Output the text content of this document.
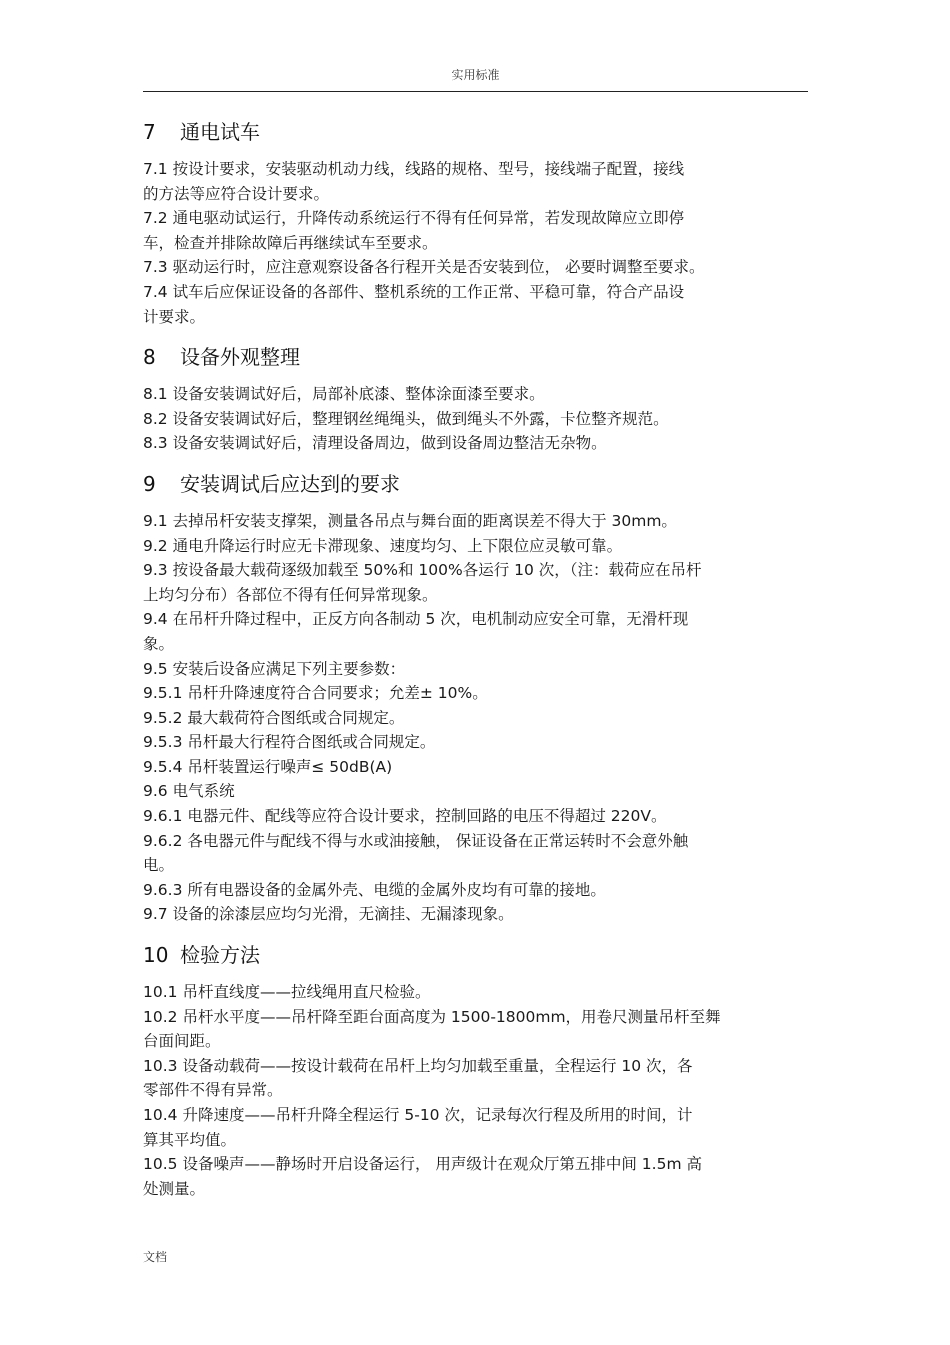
实用标准
7 通电试车

7.1 按设计要求，安装驱动机动力线，线路的规格、型号，接线端子配置，接线

的方法等应符合设计要求。

7.2 通电驱动试运行，升降传动系统运行不得有任何异常，若发现故障应立即停

车，检查并排除故障后再继续试车至要求。

7.3 驱动运行时，应注意观察设备各行程开关是否安装到位， 必要时调整至要求。

7.4 试车后应保证设备的各部件、整机系统的工作正常、平稳可靠，符合产品设

计要求。

8 设备外观整理

8.1 设备安装调试好后，局部补底漆、整体涂面漆至要求。

8.2 设备安装调试好后，整理钢丝绳绳头，做到绳头不外露，卡位整齐规范。

8.3 设备安装调试好后，清理设备周边，做到设备周边整洁无杂物。

9 安装调试后应达到的要求

9.1 去掉吊杆安装支撑架，测量各吊点与舞台面的距离误差不得大于 30mm。

9.2 通电升降运行时应无卡滞现象、速度均匀、上下限位应灵敏可靠。

9.3 按设备最大载荷逐级加载至 50%和 100%各运行 10 次，（注：载荷应在吊杆

上均匀分布）各部位不得有任何异常现象。

9.4 在吊杆升降过程中，正反方向各制动 5 次，电机制动应安全可靠，无滑杆现

象。

9.5 安装后设备应满足下列主要参数：

9.5.1 吊杆升降速度符合合同要求；允差± 10%。

9.5.2 最大载荷符合图纸或合同规定。

9.5.3 吊杆最大行程符合图纸或合同规定。

9.5.4 吊杆装置运行噪声≤ 50dB(A)

9.6 电气系统

9.6.1 电器元件、配线等应符合设计要求，控制回路的电压不得超过 220V。

9.6.2 各电器元件与配线不得与水或油接触， 保证设备在正常运转时不会意外触

电。

9.6.3 所有电器设备的金属外壳、电缆的金属外皮均有可靠的接地。

9.7 设备的涂漆层应均匀光滑，无滴挂、无漏漆现象。

10 检验方法

10.1 吊杆直线度——拉线绳用直尺检验。

10.2 吊杆水平度——吊杆降至距台面高度为 1500-1800mm，用卷尺测量吊杆至舞

台面间距。

10.3 设备动载荷——按设计载荷在吊杆上均匀加载至重量，全程运行 10 次，各

零部件不得有异常。

10.4 升降速度——吊杆升降全程运行 5-10 次，记录每次行程及所用的时间，计

算其平均值。

10.5 设备噪声——静场时开启设备运行， 用声级计在观众厅第五排中间 1.5m 高

处测量。

文档
